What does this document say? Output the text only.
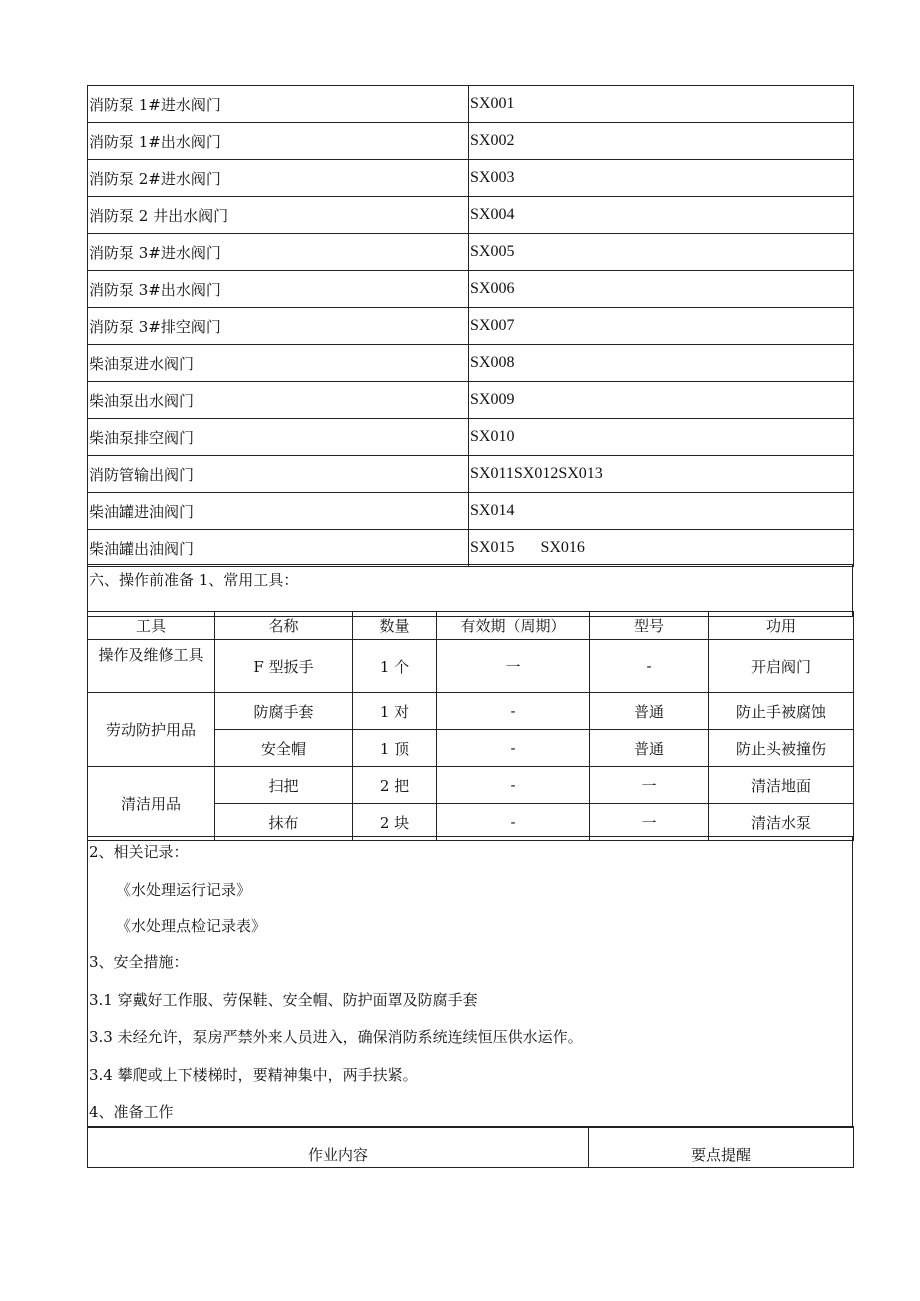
消防泵 1#进水阀门	SX001
消防泵 1#出水阀门	SX002
消防泵 2#进水阀门	SX003
消防泵 2 井出水阀门	SX004
消防泵 3#进水阀门	SX005
消防泵 3#出水阀门	SX006
消防泵 3#排空阀门	SX007
柴油泵进水阀门	SX008
柴油泵出水阀门	SX009
柴油泵排空阀门	SX010
消防管输出阀门	SX011SX012SX013
柴油罐进油阀门	SX014
柴油罐出油阀门	SX015 SX016
六、操作前准备 1、常用工具：
工具	名称	数量	有效期（周期）	型号	功用
操作及维修工具	F 型扳手	1 个	一	-	开启阀门
劳动防护用品	防腐手套	1 对	-	普通	防止手被腐蚀
	安全帽	1 顶	-	普通	防止头被撞伤
清洁用品	扫把	2 把	-	一	清洁地面
	抹布	2 块	-	一	清洁水泵
2、相关记录：
《水处理运行记录》
《水处理点检记录表》
3、安全措施：
3.1 穿戴好工作服、劳保鞋、安全帽、防护面罩及防腐手套
3.3 未经允许，泵房严禁外来人员进入，确保消防系统连续恒压供水运作。
3.4 攀爬或上下楼梯时，要精神集中，两手扶紧。
4、准备工作
作业内容	要点提醒
